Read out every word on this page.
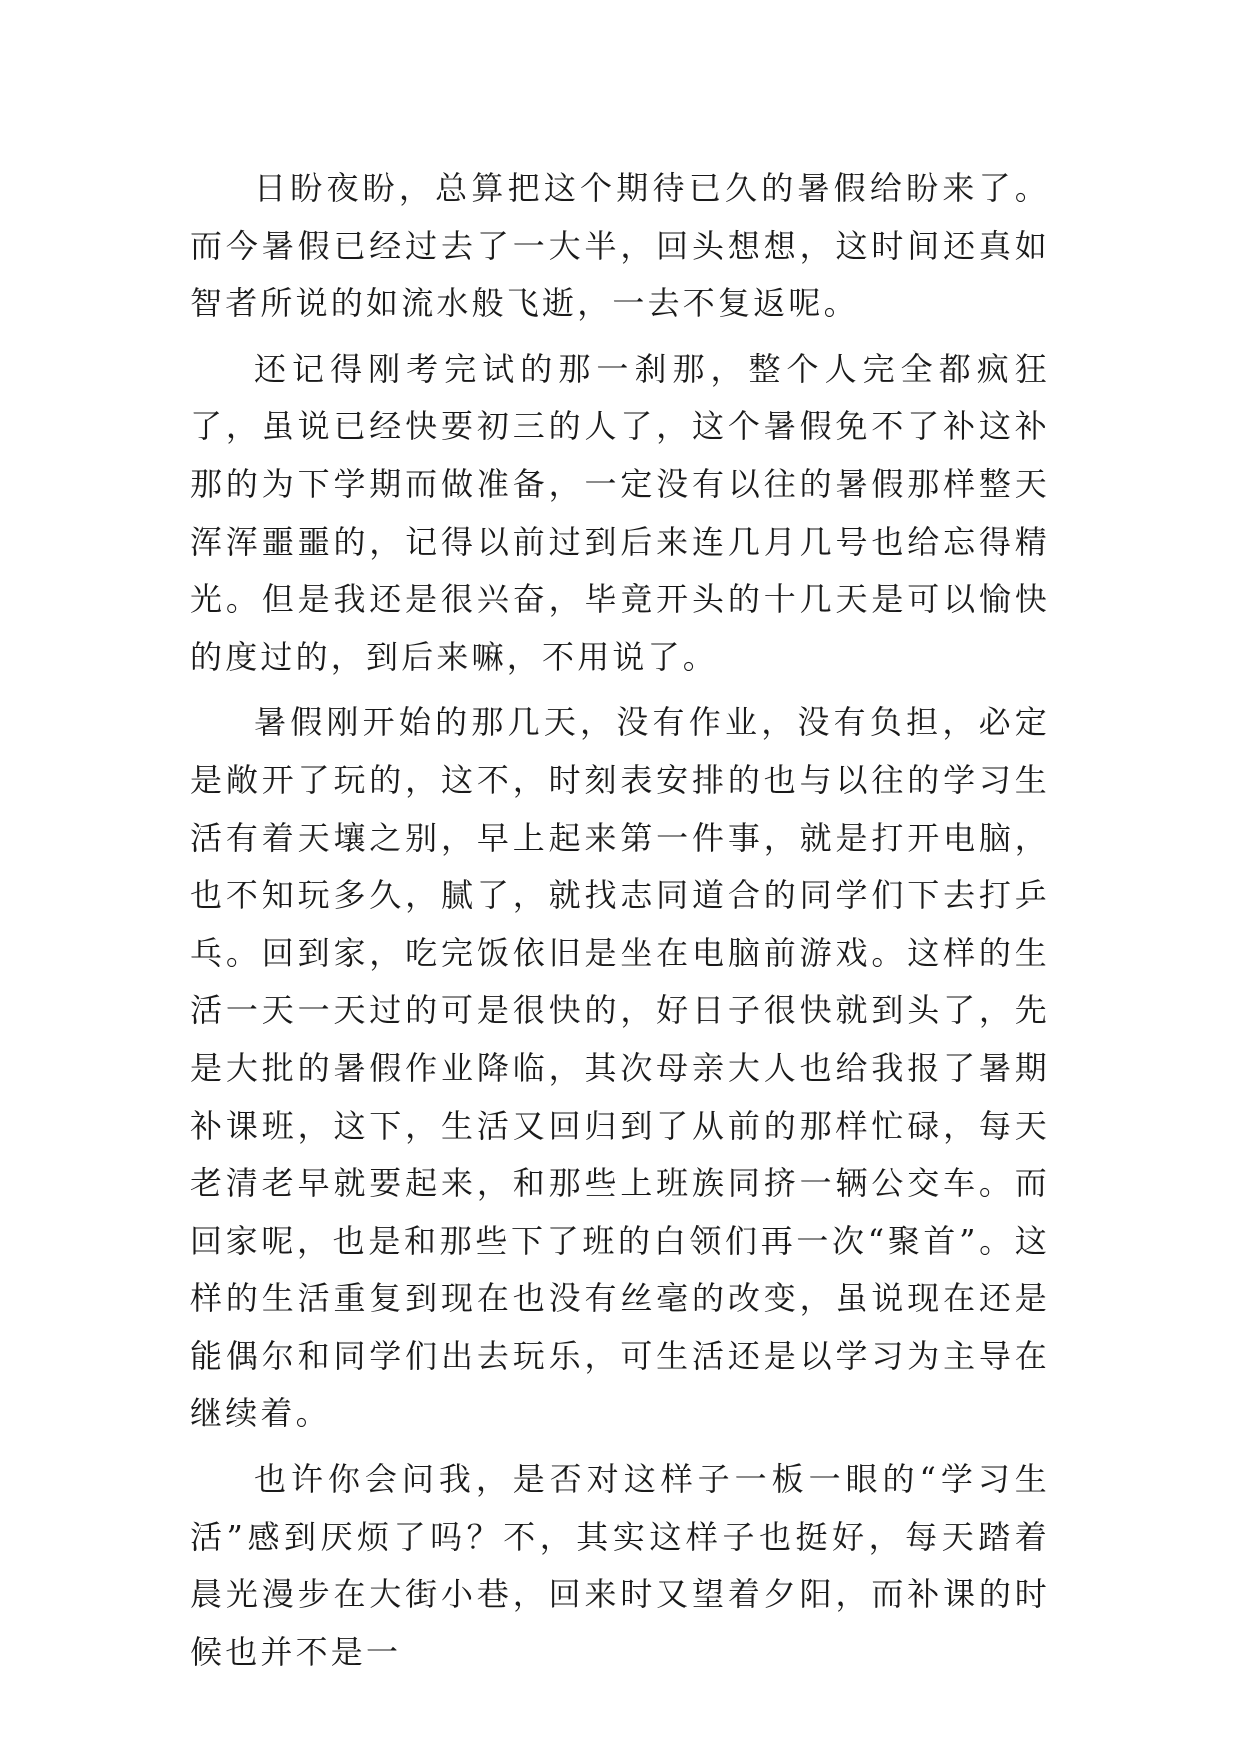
日盼夜盼，总算把这个期待已久的暑假给盼来了。而今暑假已经过去了一大半，回头想想，这时间还真如智者所说的如流水般飞逝，一去不复返呢。

还记得刚考完试的那一刹那，整个人完全都疯狂了，虽说已经快要初三的人了，这个暑假免不了补这补那的为下学期而做准备，一定没有以往的暑假那样整天浑浑噩噩的，记得以前过到后来连几月几号也给忘得精光。但是我还是很兴奋，毕竟开头的十几天是可以愉快的度过的，到后来嘛，不用说了。

暑假刚开始的那几天，没有作业，没有负担，必定是敞开了玩的，这不，时刻表安排的也与以往的学习生活有着天壤之别，早上起来第一件事，就是打开电脑，也不知玩多久，腻了，就找志同道合的同学们下去打乒乓。回到家，吃完饭依旧是坐在电脑前游戏。这样的生活一天一天过的可是很快的，好日子很快就到头了，先是大批的暑假作业降临，其次母亲大人也给我报了暑期补课班，这下，生活又回归到了从前的那样忙碌，每天老清老早就要起来，和那些上班族同挤一辆公交车。而回家呢，也是和那些下了班的白领们再一次“聚首”。这样的生活重复到现在也没有丝毫的改变，虽说现在还是能偶尔和同学们出去玩乐，可生活还是以学习为主导在继续着。

也许你会问我，是否对这样子一板一眼的“学习生活”感到厌烦了吗？不，其实这样子也挺好，每天踏着晨光漫步在大街小巷，回来时又望着夕阳，而补课的时候也并不是一
